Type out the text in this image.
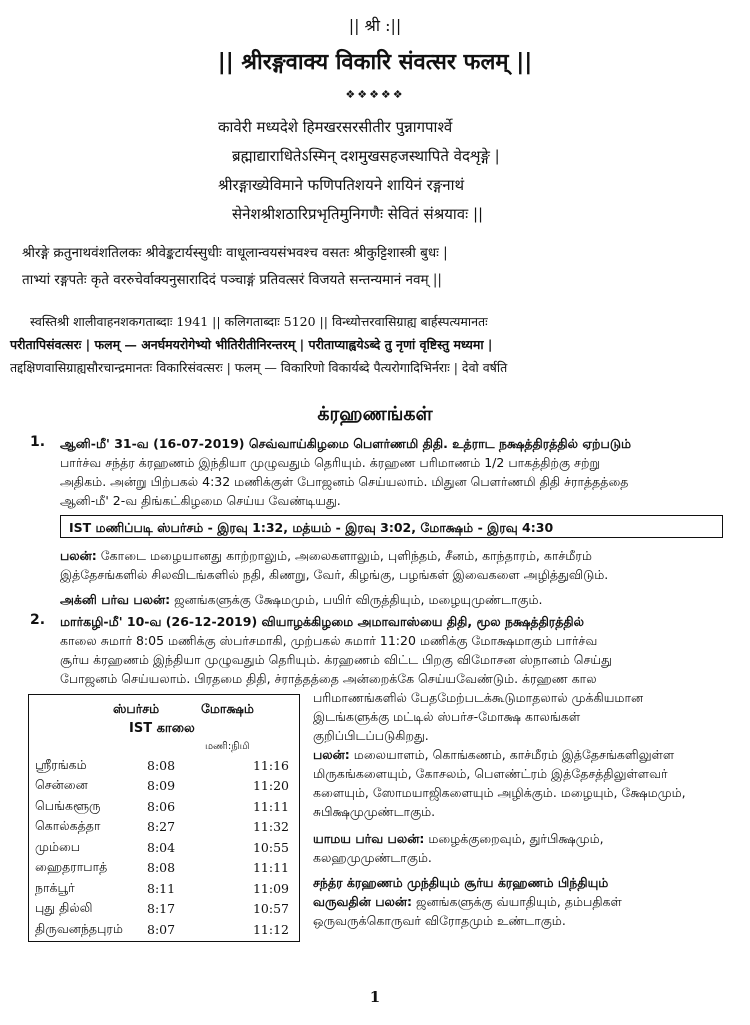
|| श्री :||
|| श्रीरङ्गवाक्य विकारि संवत्सर फलम् ||
❖❖❖❖❖
कावेरी मध्यदेशे हिमखरसरसीतीर पुन्नागपार्श्वे
ब्रह्माद्याराधितेऽस्मिन् दशमुखसहजस्थापिते वेदशृङ्गे |
श्रीरङ्गाख्येविमाने फणिपतिशयने शायिनं रङ्गनाथं
सेनेशश्रीशठारिप्रभृतिमुनिगणैः सेवितं संश्रयावः ||
श्रीरङ्गे क्रतुनाथवंशतिलकः श्रीवेङ्कटार्यस्सुधीः वाधूलान्वयसंभवश्च वसतः श्रीकुट्टिशास्त्री बुधः |
ताभ्यां रङ्गपतेः कृते वररुचेर्वाक्यनुसारादिदं पञ्चाङ्गं प्रतिवत्सरं विजयते सन्तन्यमानं नवम् ||
स्वस्तिश्री शालीवाहनशकगताब्दाः 1941 || कलिगताब्दाः 5120 || विन्ध्योत्तरवासिग्राह्य बार्हस्पत्यमानतः
परीतापिसंवत्सरः | फलम् — अनर्घमयरोगेभ्यो भीतिरीतीनिरन्तरम् | परीताप्याह्वयेऽब्दे तु नृणां वृष्टिस्तु मध्यमा |
तद्दक्षिणवासिग्राह्यसौरचान्द्रमानतः विकारिसंवत्सरः | फलम् — विकारिणो विकार्यब्दे पैत्यरोगादिभिर्नराः | देवो वर्षति
க்ரஹணங்கள்
1. ஆனி-மீ' 31-வ (16-07-2019) செவ்வாய்கிழமை பௌர்ணமி திதி. உத்ராட நக்ஷத்திரத்தில் ஏற்படும்
பார்ச்வ சந்த்ர க்ரஹணம் இந்தியா முழுவதும் தெரியும். க்ரஹண பரிமாணம் 1/2 பாகத்திற்கு சற்று
அதிகம். அன்று பிற்பகல் 4:32 மணிக்குள் போஜனம் செய்யலாம். மிதுன பௌர்ணமி திதி ச்ராத்தத்தை
ஆனி-மீ' 2-வ திங்கட்கிழமை செய்ய வேண்டியது.
IST மணிப்படி ஸ்பர்சம் - இரவு 1:32, மத்யம் - இரவு 3:02, மோக்ஷம் - இரவு 4:30
பலன்: கோடை மழையானது காற்றாலும், அலைகளாலும், புளிந்தம், சீனம், காந்தாரம், காச்மீரம்
இத்தேசங்களில் சிலவிடங்களில் நதி, கிணறு, வேர், கிழங்கு, பழங்கள் இவைகளை அழித்துவிடும்.
அக்னி பர்வ பலன்: ஜனங்களுக்கு க்ஷேமமும், பயிர் விருத்தியும், மழையுமுண்டாகும்.
2. மார்கழி-மீ' 10-வ (26-12-2019) வியாழக்கிழமை அமாவாஸ்யை திதி, மூல நக்ஷத்திரத்தில்
காலை சுமார் 8:05 மணிக்கு ஸ்பர்சமாகி, முற்பகல் சுமார் 11:20 மணிக்கு மோக்ஷமாகும் பார்ச்வ
சூர்ய க்ரஹணம் இந்தியா முழுவதும் தெரியும். க்ரஹணம் விட்ட பிறகு விமோசன ஸ்நானம் செய்து
போஜனம் செய்யலாம். பிரதமை திதி, ச்ராத்தத்தை அன்றைக்கே செய்யவேண்டும். க்ரஹண கால
ஸ்பர்சம்	மோக்ஷம்
IST காலை
மணி:நிமி
ஸ்ரீரங்கம்	8:08	11:16
சென்னை	8:09	11:20
பெங்களூரு	8:06	11:11
கொல்கத்தா	8:27	11:32
மும்பை	8:04	10:55
ஹைதராபாத்	8:08	11:11
நாக்பூர்	8:11	11:09
புது தில்லி	8:17	10:57
திருவனந்தபுரம்	8:07	11:12
பரிமாணங்களில் பேதமேற்படக்கூடுமாதலால் முக்கியமான
இடங்களுக்கு மட்டில் ஸ்பர்ச-மோக்ஷ காலங்கள்
குறிப்பிடப்படுகிறது.
பலன்: மலையாளம், கொங்கணம், காச்மீரம் இத்தேசங்களிலுள்ள
மிருகங்களையும், கோசலம், பௌண்ட்ரம் இத்தேசத்திலுள்ளவர்
களையும், ஸோமயாஜிகளையும் அழிக்கும். மழையும், க்ஷேமமும்,
சுபிக்ஷமுமுண்டாகும்.
யாமய பர்வ பலன்: மழைக்குறைவும், துர்பிக்ஷமும்,
கலஹமுமுண்டாகும்.
சந்த்ர க்ரஹணம் முந்தியும் சூர்ய க்ரஹணம் பிந்தியும்
வருவதின் பலன்: ஜனங்களுக்கு வ்யாதியும், தம்பதிகள்
ஒருவருக்கொருவர் விரோதமும் உண்டாகும்.
1
